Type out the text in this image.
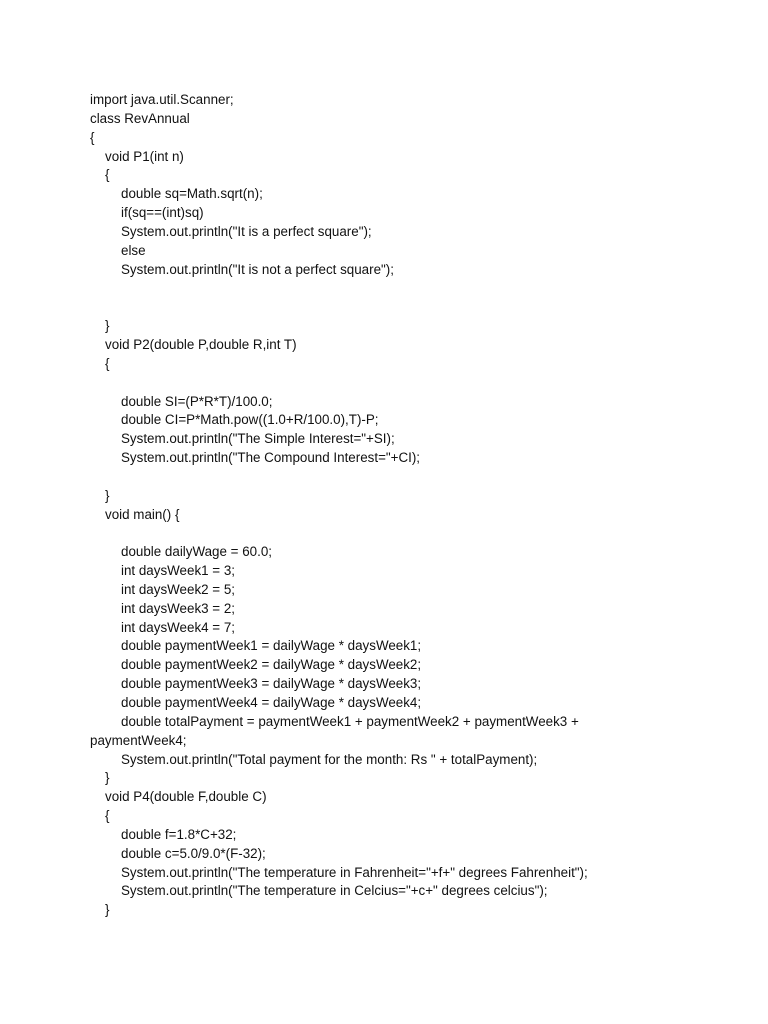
import java.util.Scanner;
class RevAnnual
{
void P1(int n)
{
double sq=Math.sqrt(n);
if(sq==(int)sq)
System.out.println("It is a perfect square");
else
System.out.println("It is not a perfect square");
}
void P2(double P,double R,int T)
{
double SI=(P*R*T)/100.0;
double CI=P*Math.pow((1.0+R/100.0),T)-P;
System.out.println("The Simple Interest="+SI);
System.out.println("The Compound Interest="+CI);
}
void main() {
double dailyWage = 60.0;
int daysWeek1 = 3;
int daysWeek2 = 5;
int daysWeek3 = 2;
int daysWeek4 = 7;
double paymentWeek1 = dailyWage * daysWeek1;
double paymentWeek2 = dailyWage * daysWeek2;
double paymentWeek3 = dailyWage * daysWeek3;
double paymentWeek4 = dailyWage * daysWeek4;
double totalPayment = paymentWeek1 + paymentWeek2 + paymentWeek3 +
paymentWeek4;
System.out.println("Total payment for the month: Rs " + totalPayment);
}
void P4(double F,double C)
{
double f=1.8*C+32;
double c=5.0/9.0*(F-32);
System.out.println("The temperature in Fahrenheit="+f+" degrees Fahrenheit");
System.out.println("The temperature in Celcius="+c+" degrees celcius");
}
